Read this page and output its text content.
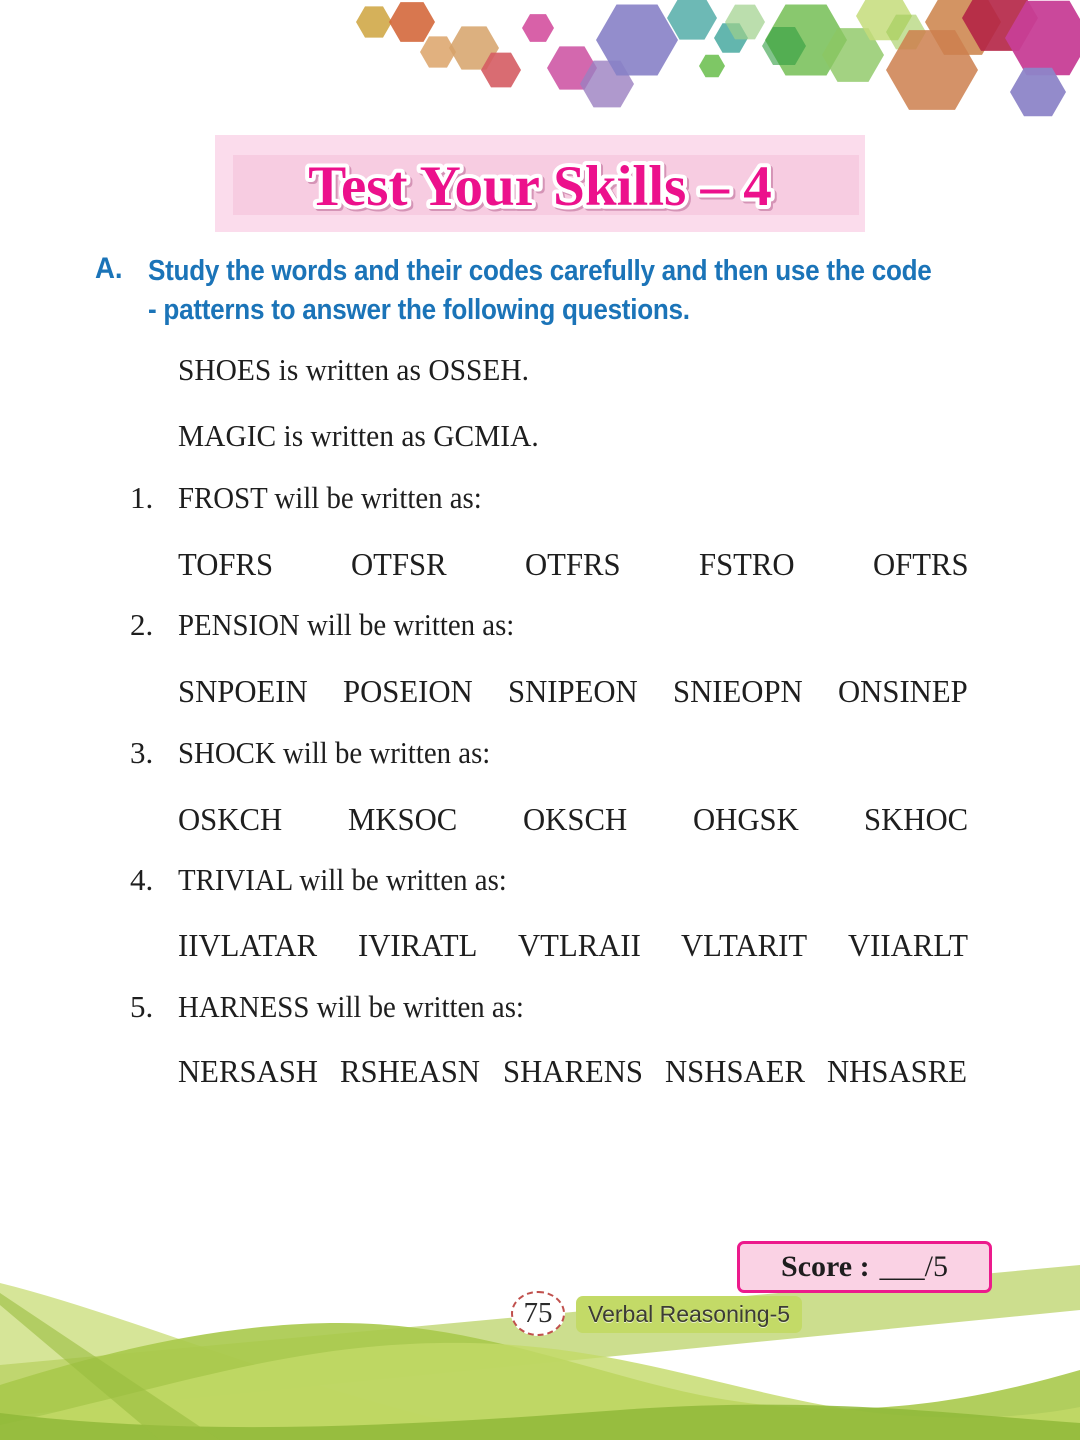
Test Your Skills – 4
A. Study the words and their codes carefully and then use the code
- patterns to answer the following questions.
SHOES is written as OSSEH.
MAGIC is written as GCMIA.
1. FROST will be written as:
TOFRS OTFSR OTFRS FSTRO OFTRS
2. PENSION will be written as:
SNPOEIN POSEION SNIPEON SNIEOPN ONSINEP
3. SHOCK will be written as:
OSKCH MKSOC OKSCH OHGSK SKHOC
4. TRIVIAL will be written as:
IIVLATAR IVIRATL VTLRAII VLTARIT VIIARLT
5. HARNESS will be written as:
NERSASH RSHEASN SHARENS NSHSAER NHSASRE
Score : ___ /5
75 Verbal Reasoning-5
